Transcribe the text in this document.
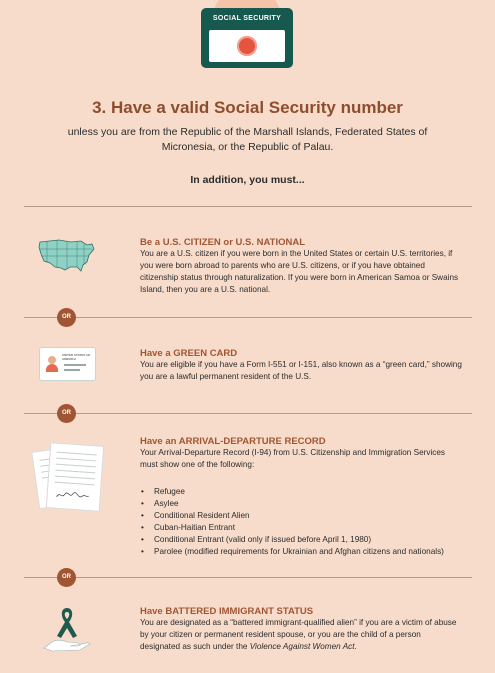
SOCIAL SECURITY
3. Have a valid Social Security number
unless you are from the Republic of the Marshall Islands, Federated States of Micronesia, or the Republic of Palau.
In addition, you must...
Be a U.S. CITIZEN or U.S. NATIONAL
You are a U.S. citizen if you were born in the United States or certain U.S. territories, if you were born abroad to parents who are U.S. citizens, or if you have obtained citizenship status through naturalization. If you were born in American Samoa or Swains Island, then you are a U.S. national.
OR
UNITED STATES OF
AMERICA	Have a GREEN CARD
You are eligible if you have a Form I-551 or I-151, also known as a “green card,” showing you are a lawful permanent resident of the U.S.
OR
Have an ARRIVAL-DEPARTURE RECORD
Your Arrival-Departure Record (I-94) from U.S. Citizenship and Immigration Services must show one of the following:
• Refugee
• Asylee
• Conditional Resident Alien
• Cuban-Haitian Entrant
• Conditional Entrant (valid only if issued before April 1, 1980)
• Parolee (modified requirements for Ukrainian and Afghan citizens and nationals)
OR
Have BATTERED IMMIGRANT STATUS
You are designated as a “battered immigrant-qualified alien” if you are a victim of abuse by your citizen or permanent resident spouse, or you are the child of a person designated as such under the Violence Against Women Act.
